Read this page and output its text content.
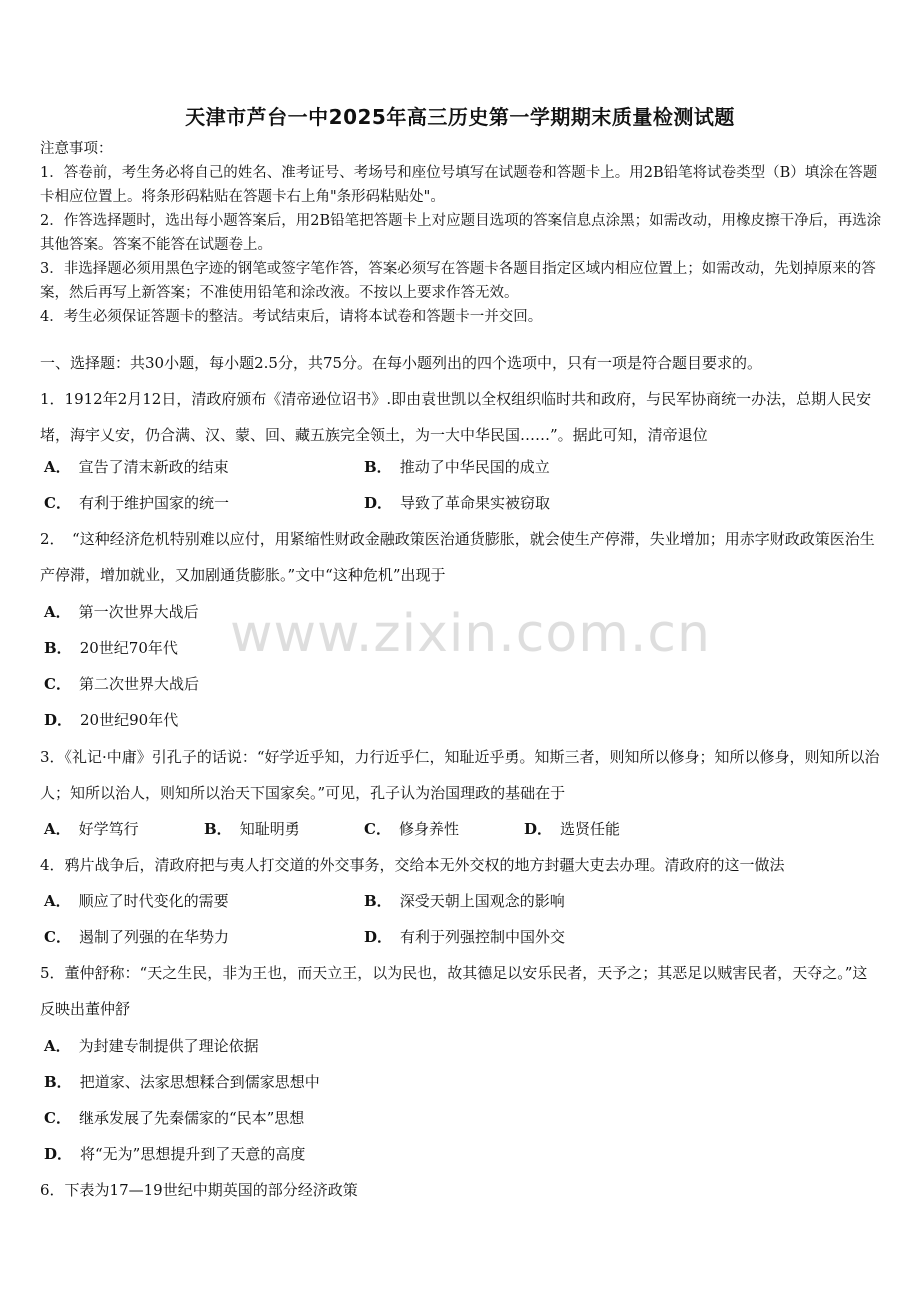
天津市芦台一中2025年高三历史第一学期期末质量检测试题

注意事项：

1．答卷前，考生务必将自己的姓名、准考证号、考场号和座位号填写在试题卷和答题卡上。用2B铅笔将试卷类型（B）填涂在答题卡相应位置上。将条形码粘贴在答题卡右上角"条形码粘贴处"。

2．作答选择题时，选出每小题答案后，用2B铅笔把答题卡上对应题目选项的答案信息点涂黑；如需改动，用橡皮擦干净后，再选涂其他答案。答案不能答在试题卷上。

3．非选择题必须用黑色字迹的钢笔或签字笔作答，答案必须写在答题卡各题目指定区域内相应位置上；如需改动，先划掉原来的答案，然后再写上新答案；不准使用铅笔和涂改液。不按以上要求作答无效。

4．考生必须保证答题卡的整洁。考试结束后，请将本试卷和答题卡一并交回。

一、选择题：共30小题，每小题2.5分，共75分。在每小题列出的四个选项中，只有一项是符合题目要求的。

1．1912年2月12日，清政府颁布《清帝逊位诏书》.即由袁世凯以全权组织临时共和政府，与民军协商统一办法，总期人民安堵，海宇乂安，仍合满、汉、蒙、回、藏五族完全领土，为一大中华民国……”。据此可知，清帝退位

A． 宣告了清末新政的结束	B． 推动了中华民国的成立
C． 有利于维护国家的统一	D． 导致了革命果实被窃取

2．　“这种经济危机特别难以应付，用紧缩性财政金融政策医治通货膨胀，就会使生产停滞，失业增加；用赤字财政政策医治生产停滞，增加就业，又加剧通货膨胀。”文中“这种危机”出现于

A． 第一次世界大战后
B． 20世纪70年代
C． 第二次世界大战后
D． 20世纪90年代

3．《礼记·中庸》引孔子的话说：“好学近乎知，力行近乎仁，知耻近乎勇。知斯三者，则知所以修身；知所以修身，则知所以治人；知所以治人，则知所以治天下国家矣。”可见，孔子认为治国理政的基础在于

A． 好学笃行	B． 知耻明勇	C． 修身养性	D． 选贤任能

4．鸦片战争后，清政府把与夷人打交道的外交事务，交给本无外交权的地方封疆大吏去办理。清政府的这一做法

A． 顺应了时代变化的需要	B． 深受天朝上国观念的影响
C． 遏制了列强的在华势力	D． 有利于列强控制中国外交

5．董仲舒称：“天之生民，非为王也，而天立王，以为民也，故其德足以安乐民者，天予之；其恶足以贼害民者，天夺之。”这反映出董仲舒

A． 为封建专制提供了理论依据
B． 把道家、法家思想糅合到儒家思想中
C． 继承发展了先秦儒家的“民本”思想
D． 将“无为”思想提升到了天意的高度

6．下表为17—19世纪中期英国的部分经济政策

www.zixin.com.cn
